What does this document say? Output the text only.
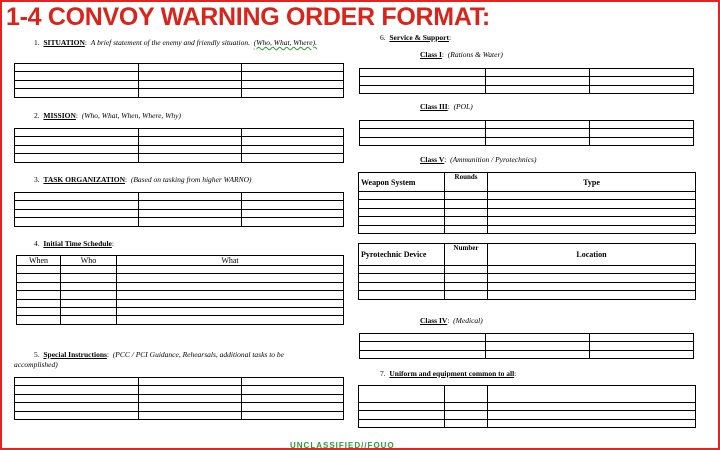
1-4 CONVOY WARNING ORDER FORMAT:
1. SITUATION:  A brief statement of the enemy and friendly situation. (Who, What, Where).

2. MISSION:  (Who, What, When, Where, Why)

3. TASK ORGANIZATION:  (Based on tasking from higher WARNO)

4. Initial Time Schedule:
When	Who	What

5. Special Instructions:  (PCC / PCI Guidance, Rehearsals, additional tasks to be
accomplished)

6. Service & Support:
Class I:  (Rations & Water)

Class III:  (POL)

Class V:  (Ammunition / Pyrotechnics)
Weapon System	Rounds	Type

Pyrotechnic Device	Number	Location

Class IV:  (Medical)

7. Uniform and equipment common to all:

UNCLASSIFIED//FOUO
